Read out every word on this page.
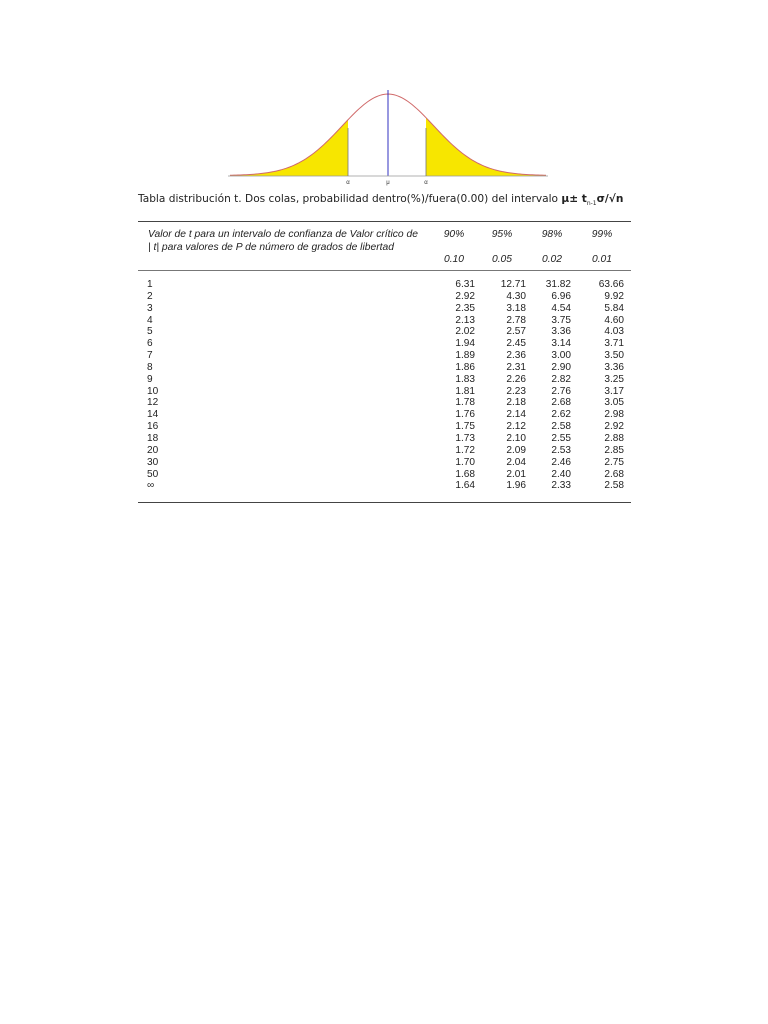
α	μ	α
Tabla distribución t. Dos colas, probabilidad dentro(%)/fuera(0.00) del intervalo $\mu\pm t_{n-1}\sigma/√n$
Valor de t para un intervalo de confianza de Valor crítico de | t| para valores de P de número de grados de libertad
90%	95%	98%	99%
0.10	0.05	0.02	0.01
1	6.31	12.71	31.82	63.66
2	2.92	4.30	6.96	9.92
3	2.35	3.18	4.54	5.84
4	2.13	2.78	3.75	4.60
5	2.02	2.57	3.36	4.03
6	1.94	2.45	3.14	3.71
7	1.89	2.36	3.00	3.50
8	1.86	2.31	2.90	3.36
9	1.83	2.26	2.82	3.25
10	1.81	2.23	2.76	3.17
12	1.78	2.18	2.68	3.05
14	1.76	2.14	2.62	2.98
16	1.75	2.12	2.58	2.92
18	1.73	2.10	2.55	2.88
20	1.72	2.09	2.53	2.85
30	1.70	2.04	2.46	2.75
50	1.68	2.01	2.40	2.68
∞	1.64	1.96	2.33	2.58
